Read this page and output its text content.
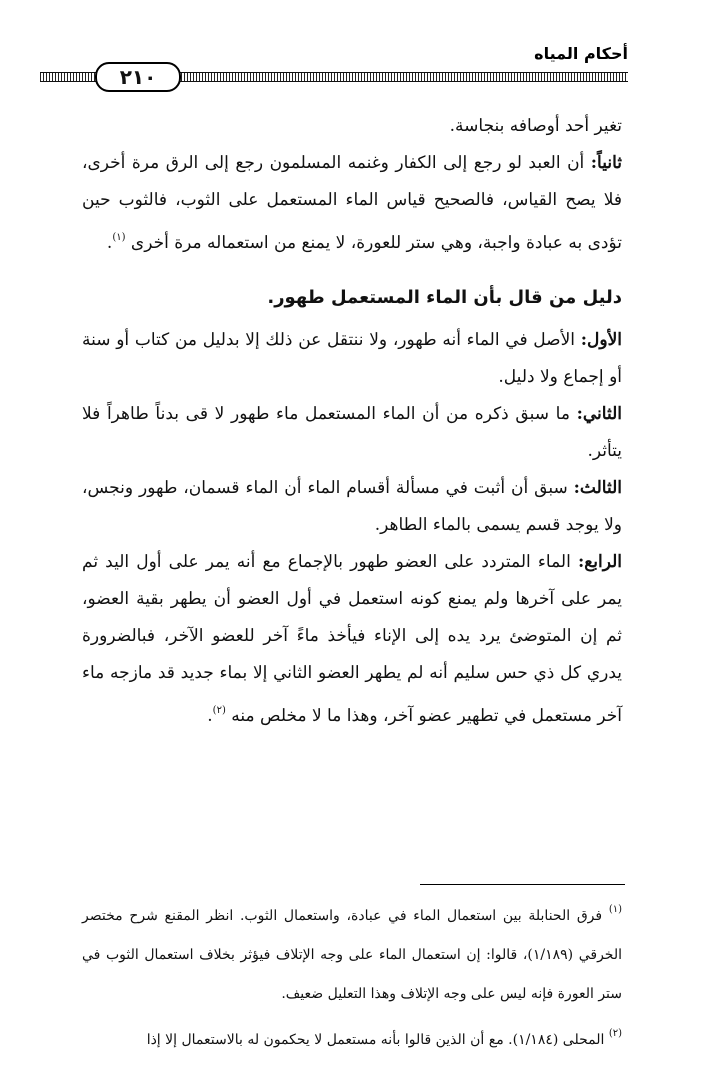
أحكام المياه
٢١٠

تغير أحد أوصافه بنجاسة.

ثانياً: أن العبد لو رجع إلى الكفار وغنمه المسلمون رجع إلى الرق مرة أخرى، فلا يصح القياس، فالصحيح قياس الماء المستعمل على الثوب، فالثوب حين تؤدى به عبادة واجبة، وهي ستر للعورة، لا يمنع من استعماله مرة أخرى $^{(١)}$.

دليل من قال بأن الماء المستعمل طهور.

الأول: الأصل في الماء أنه طهور، ولا ننتقل عن ذلك إلا بدليل من كتاب أو سنة أو إجماع ولا دليل.

الثاني: ما سبق ذكره من أن الماء المستعمل ماء طهور لا قى بدناً طاهراً فلا يتأثر.

الثالث: سبق أن أثبت في مسألة أقسام الماء أن الماء قسمان، طهور ونجس، ولا يوجد قسم يسمى بالماء الطاهر.

الرابع: الماء المتردد على العضو طهور بالإجماع مع أنه يمر على أول اليد ثم يمر على آخرها ولم يمنع كونه استعمل في أول العضو أن يطهر بقية العضو، ثم إن المتوضئ يرد يده إلى الإناء فيأخذ ماءً آخر للعضو الآخر، فبالضرورة يدري كل ذي حس سليم أنه لم يطهر العضو الثاني إلا بماء جديد قد مازجه ماء آخر مستعمل في تطهير عضو آخر، وهذا ما لا مخلص منه $^{(٢)}$.

$^{(١)}$ فرق الحنابلة بين استعمال الماء في عبادة، واستعمال الثوب. انظر المقنع شرح مختصر الخرقي (١/١٨٩)، قالوا: إن استعمال الماء على وجه الإتلاف فيؤثر بخلاف استعمال الثوب في ستر العورة فإنه ليس على وجه الإتلاف وهذا التعليل ضعيف.

$^{(٢)}$ المحلى (١/١٨٤). مع أن الذين قالوا بأنه مستعمل لا يحكمون له بالاستعمال إلا إذا
